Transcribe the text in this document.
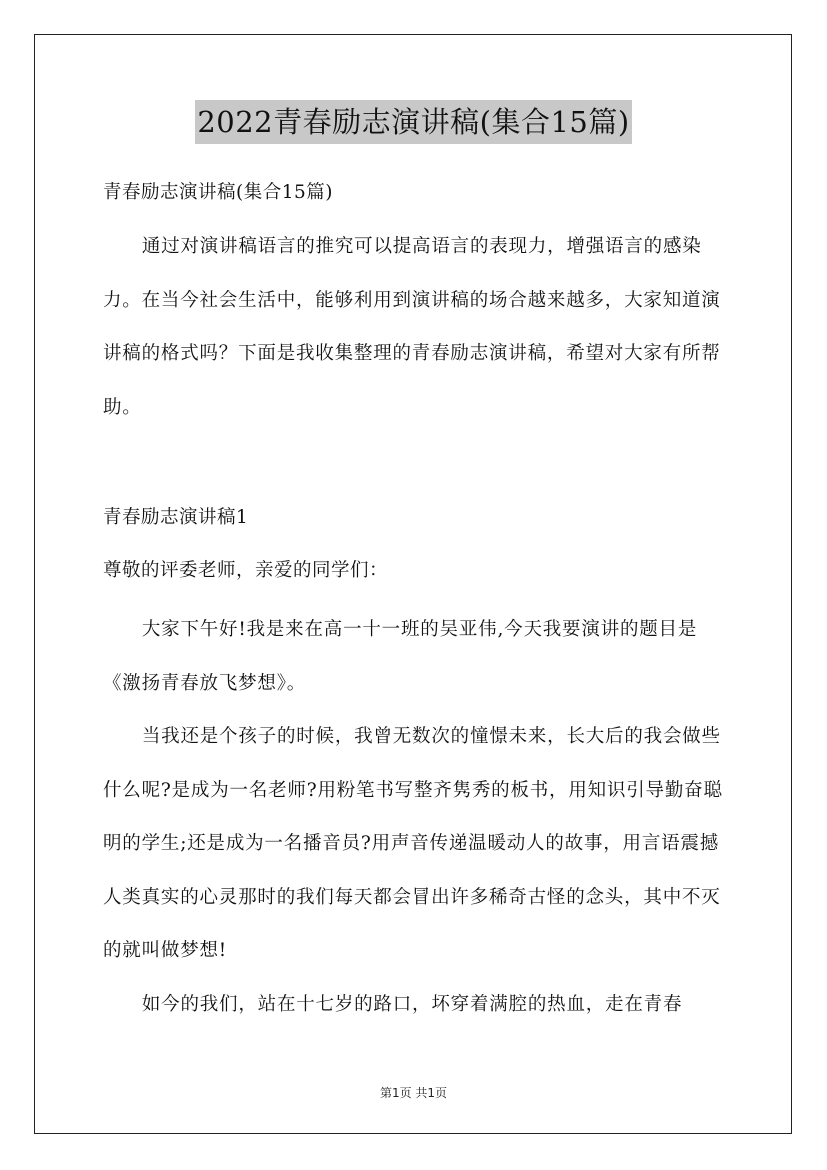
2022青春励志演讲稿(集合15篇)
青春励志演讲稿(集合15篇)

通过对演讲稿语言的推究可以提高语言的表现力，增强语言的感染力。在当今社会生活中，能够利用到演讲稿的场合越来越多，大家知道演讲稿的格式吗？下面是我收集整理的青春励志演讲稿，希望对大家有所帮助。

青春励志演讲稿1
尊敬的评委老师，亲爱的同学们：

大家下午好!我是来在高一十一班的吴亚伟,今天我要演讲的题目是《激扬青春放飞梦想》。

当我还是个孩子的时候，我曾无数次的憧憬未来，长大后的我会做些什么呢?是成为一名老师?用粉笔书写整齐隽秀的板书，用知识引导勤奋聪明的学生;还是成为一名播音员?用声音传递温暖动人的故事，用言语震撼人类真实的心灵那时的我们每天都会冒出许多稀奇古怪的念头，其中不灭的就叫做梦想!

如今的我们，站在十七岁的路口，坏穿着满腔的热血，走在青春

第1页 共1页
